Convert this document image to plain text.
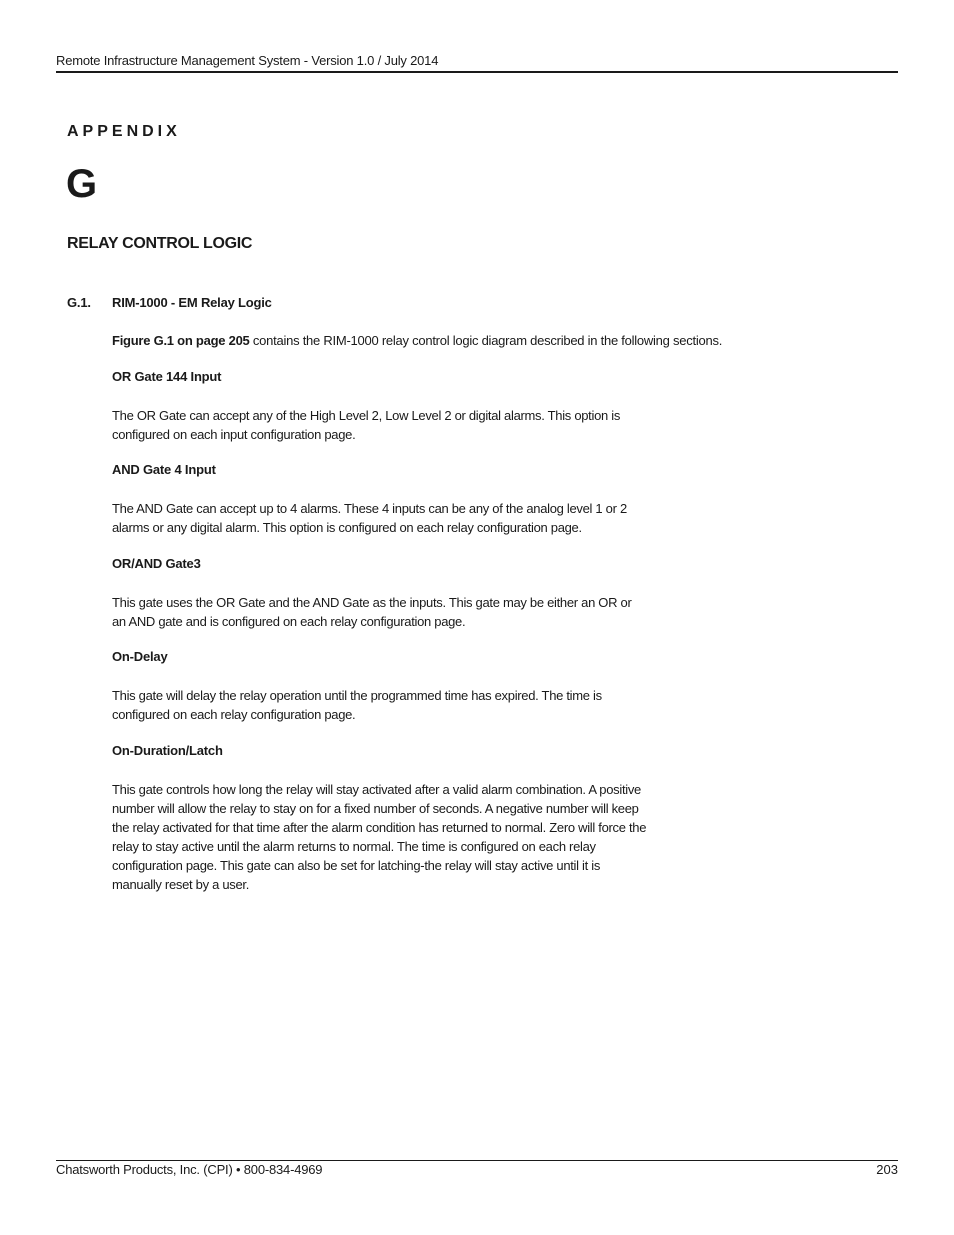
Remote Infrastructure Management System - Version 1.0 / July 2014
APPENDIX
G
RELAY CONTROL LOGIC
G.1. RIM-1000 - EM Relay Logic
Figure G.1 on page 205 contains the RIM-1000 relay control logic diagram described in the following sections.
OR Gate 144 Input
The OR Gate can accept any of the High Level 2, Low Level 2 or digital alarms. This option is configured on each input configuration page.
AND Gate 4 Input
The AND Gate can accept up to 4 alarms. These 4 inputs can be any of the analog level 1 or 2 alarms or any digital alarm. This option is configured on each relay configuration page.
OR/AND Gate3
This gate uses the OR Gate and the AND Gate as the inputs. This gate may be either an OR or an AND gate and is configured on each relay configuration page.
On-Delay
This gate will delay the relay operation until the programmed time has expired. The time is configured on each relay configuration page.
On-Duration/Latch
This gate controls how long the relay will stay activated after a valid alarm combination. A positive number will allow the relay to stay on for a fixed number of seconds. A negative number will keep the relay activated for that time after the alarm condition has returned to normal. Zero will force the relay to stay active until the alarm returns to normal. The time is configured on each relay configuration page. This gate can also be set for latching-the relay will stay active until it is manually reset by a user.
Chatsworth Products, Inc. (CPI) • 800-834-4969	203
